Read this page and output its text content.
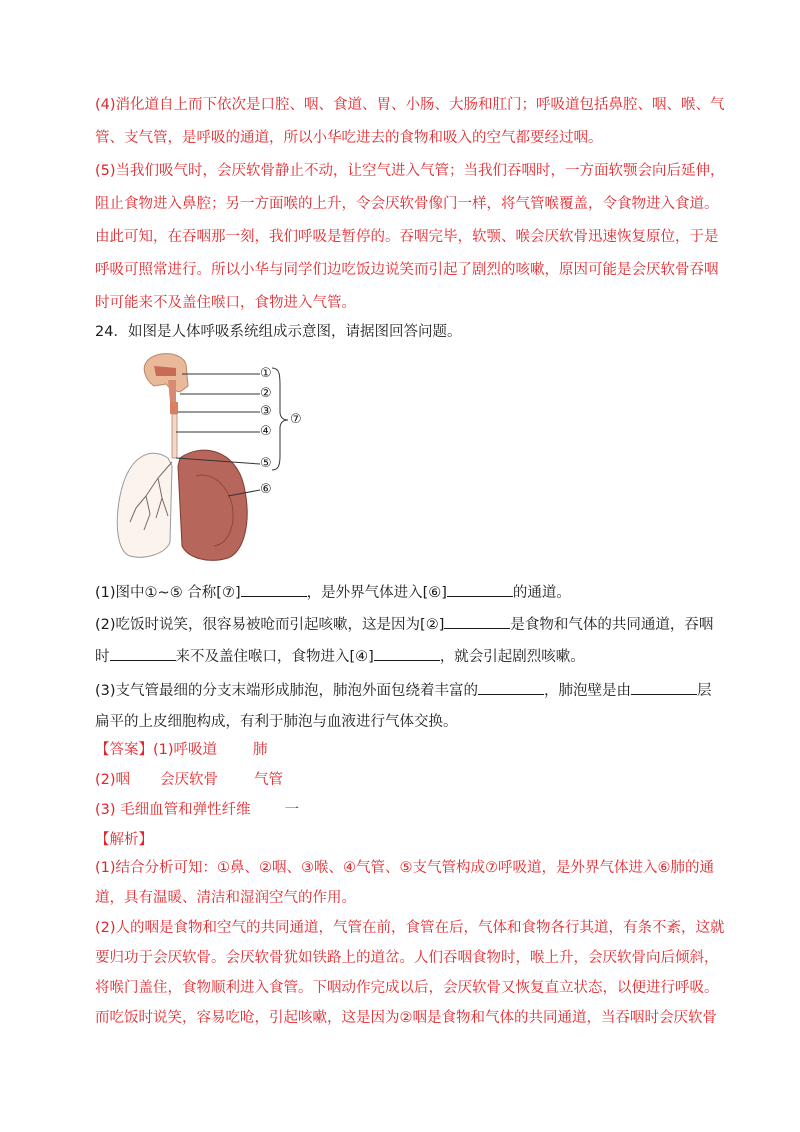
(4)消化道自上而下依次是口腔、咽、食道、胃、小肠、大肠和肛门；呼吸道包括鼻腔、咽、喉、气
管、支气管，是呼吸的通道，所以小华吃进去的食物和吸入的空气都要经过咽。
(5)当我们吸气时，会厌软骨静止不动，让空气进入气管；当我们吞咽时，一方面软颚会向后延伸，
阻止食物进入鼻腔；另一方面喉的上升，令会厌软骨像门一样，将气管喉覆盖，令食物进入食道。
由此可知，在吞咽那一刻，我们呼吸是暂停的。吞咽完毕，软颚、喉会厌软骨迅速恢复原位，于是
呼吸可照常进行。所以小华与同学们边吃饭边说笑而引起了剧烈的咳嗽，原因可能是会厌软骨吞咽
时可能来不及盖住喉口，食物进入气管。
24．如图是人体呼吸系统组成示意图，请据图回答问题。
①
②
③
④
⑤
⑥
⑦
(1)图中①~⑤ 合称[⑦]	，是外界气体进入[⑥]	的通道。
(2)吃饭时说笑，很容易被呛而引起咳嗽，这是因为[②]	是食物和气体的共同通道，吞咽
时	来不及盖住喉口，食物进入[④]	，就会引起剧烈咳嗽。
(3)支气管最细的分支末端形成肺泡，肺泡外面包绕着丰富的	，肺泡壁是由	层
扁平的上皮细胞构成，有利于肺泡与血液进行气体交换。
【答案】(1)呼吸道 肺
(2)咽 会厌软骨 气管
(3) 毛细血管和弹性纤维 一
【解析】
(1)结合分析可知：①鼻、②咽、③喉、④气管、⑤支气管构成⑦呼吸道，是外界气体进入⑥肺的通
道，具有温暖、清洁和湿润空气的作用。
(2)人的咽是食物和空气的共同通道，气管在前，食管在后，气体和食物各行其道，有条不紊，这就
要归功于会厌软骨。会厌软骨犹如铁路上的道岔。人们吞咽食物时，喉上升，会厌软骨向后倾斜，
将喉门盖住，食物顺利进入食管。下咽动作完成以后，会厌软骨又恢复直立状态，以便进行呼吸。
而吃饭时说笑，容易吃呛，引起咳嗽，这是因为②咽是食物和气体的共同通道，当吞咽时会厌软骨
